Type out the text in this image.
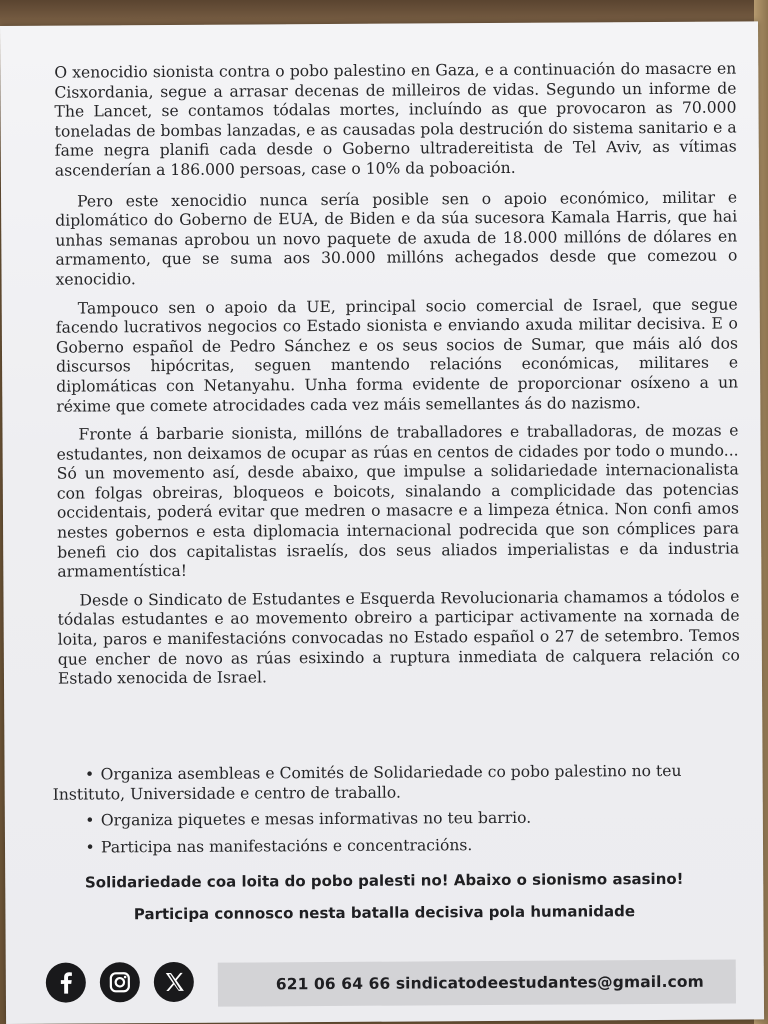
O xenocidio sionista contra o pobo palestino en Gaza, e a continuación do masacre en Cisxordania, segue a arrasar decenas de milleiros de vidas. Segundo un informe de The Lancet, se contamos tódalas mortes, incluíndo as que provocaron as 70.000 toneladas de bombas lanzadas, e as causadas pola destrución do sistema sanitario e a fame negra planifi cada desde o Goberno ultradereitista de Tel Aviv, as vítimas ascenderían a 186.000 persoas, case o 10% da poboación.

Pero este xenocidio nunca sería posible sen o apoio económico, militar e diplomático do Goberno de EUA, de Biden e da súa sucesora Kamala Harris, que hai unhas semanas aprobou un novo paquete de axuda de 18.000 millóns de dólares en armamento, que se suma aos 30.000 millóns achegados desde que comezou o xenocidio.

Tampouco sen o apoio da UE, principal socio comercial de Israel, que segue facendo lucrativos negocios co Estado sionista e enviando axuda militar decisiva. E o Goberno español de Pedro Sánchez e os seus socios de Sumar, que máis aló dos discursos hipócritas, seguen mantendo relacións económicas, militares e diplomáticas con Netanyahu. Unha forma evidente de proporcionar osíxeno a un réxime que comete atrocidades cada vez máis semellantes ás do nazismo.

Fronte á barbarie sionista, millóns de traballadores e traballadoras, de mozas e estudantes, non deixamos de ocupar as rúas en centos de cidades por todo o mundo... Só un movemento así, desde abaixo, que impulse a solidariedade internacionalista con folgas obreiras, bloqueos e boicots, sinalando a complicidade das potencias occidentais, poderá evitar que medren o masacre e a limpeza étnica. Non confi amos nestes gobernos e esta diplomacia internacional podrecida que son cómplices para benefi cio dos capitalistas israelís, dos seus aliados imperialistas e da industria armamentística!

Desde o Sindicato de Estudantes e Esquerda Revolucionaria chamamos a tódolos e tódalas estudantes e ao movemento obreiro a participar activamente na xornada de loita, paros e manifestacións convocadas no Estado español o 27 de setembro. Temos que encher de novo as rúas esixindo a ruptura inmediata de calquera relación co Estado xenocida de Israel.

• Organiza asembleas e Comités de Solidariedade co pobo palestino no teu Instituto, Universidade e centro de traballo.
• Organiza piquetes e mesas informativas no teu barrio.
• Participa nas manifestacións e concentracións.
Solidariedade coa loita do pobo palesti no! Abaixo o sionismo asasino!
Participa connosco nesta batalla decisiva pola humanidade
621 06 64 66 sindicatodeestudantes@gmail.com
